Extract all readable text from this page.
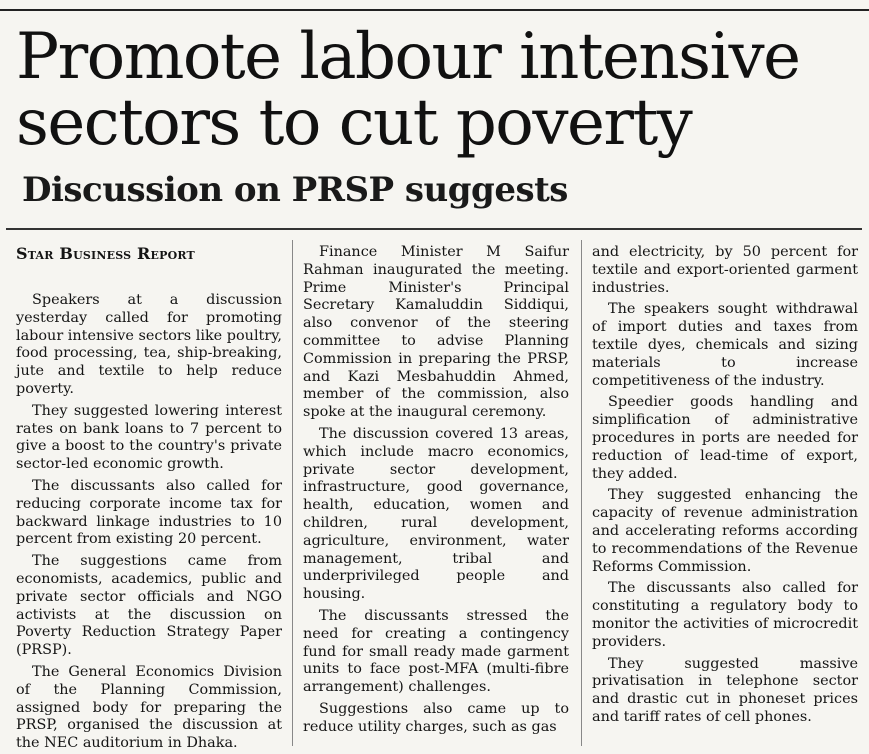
Promote labour intensive
sectors to cut poverty
Discussion on PRSP suggests
Star Business Report

Speakers at a discussion yesterday called for promoting labour intensive sectors like poultry, food processing, tea, ship-breaking, jute and textile to help reduce poverty.

They suggested lowering interest rates on bank loans to 7 percent to give a boost to the country's private sector-led economic growth.

The discussants also called for reducing corporate income tax for backward linkage industries to 10 percent from existing 20 percent.

The suggestions came from economists, academics, public and private sector officials and NGO activists at the discussion on Poverty Reduction Strategy Paper (PRSP).

The General Economics Division of the Planning Commission, assigned body for preparing the PRSP, organised the discussion at the NEC auditorium in Dhaka.

Finance Minister M Saifur Rahman inaugurated the meeting. Prime Minister's Principal Secretary Kamaluddin Siddiqui, also convenor of the steering committee to advise Planning Commission in preparing the PRSP, and Kazi Mesbahuddin Ahmed, member of the commission, also spoke at the inaugural ceremony.

The discussion covered 13 areas, which include macro economics, private sector development, infrastructure, good governance, health, education, women and children, rural development, agriculture, environment, water management, tribal and underprivileged people and housing.

The discussants stressed the need for creating a contingency fund for small ready made garment units to face post-MFA (multi-fibre arrangement) challenges.

Suggestions also came up to reduce utility charges, such as gas

and electricity, by 50 percent for textile and export-oriented garment industries.

The speakers sought withdrawal of import duties and taxes from textile dyes, chemicals and sizing materials to increase competitiveness of the industry.

Speedier goods handling and simplification of administrative procedures in ports are needed for reduction of lead-time of export, they added.

They suggested enhancing the capacity of revenue administration and accelerating reforms according to recommendations of the Revenue Reforms Commission.

The discussants also called for constituting a regulatory body to monitor the activities of microcredit providers.

They suggested massive privatisation in telephone sector and drastic cut in phoneset prices and tariff rates of cell phones.
